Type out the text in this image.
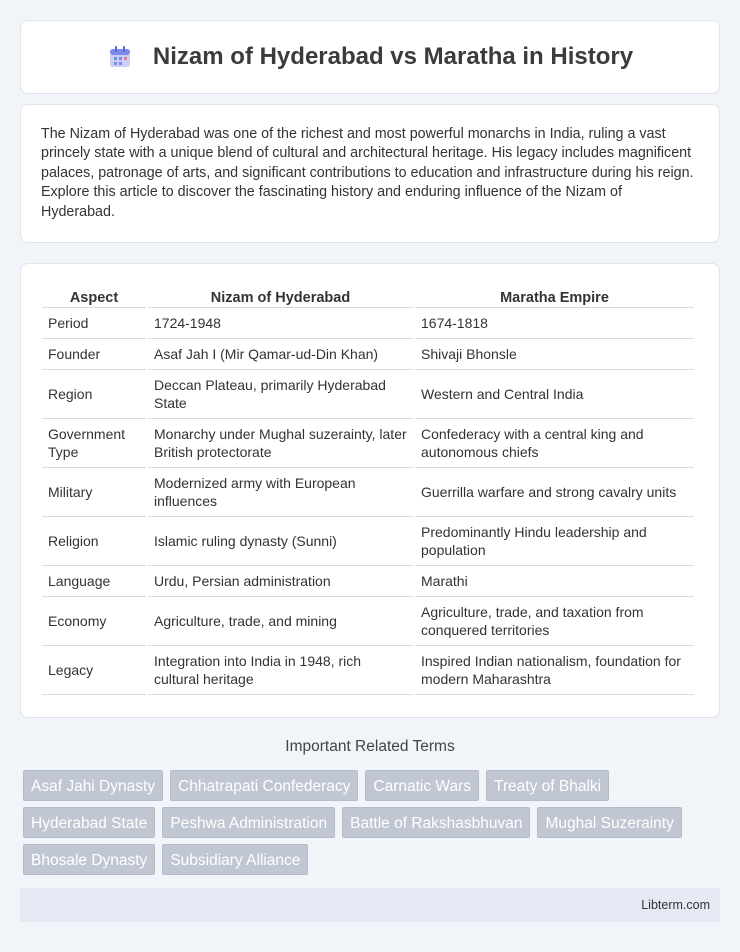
Nizam of Hyderabad vs Maratha in History

The Nizam of Hyderabad was one of the richest and most powerful monarchs in India, ruling a vast princely state with a unique blend of cultural and architectural heritage. His legacy includes magnificent palaces, patronage of arts, and significant contributions to education and infrastructure during his reign. Explore this article to discover the fascinating history and enduring influence of the Nizam of Hyderabad.

Aspect	Nizam of Hyderabad	Maratha Empire
Period	1724-1948	1674-1818
Founder	Asaf Jah I (Mir Qamar-ud-Din Khan)	Shivaji Bhonsle
Region	Deccan Plateau, primarily Hyderabad State	Western and Central India
Government Type	Monarchy under Mughal suzerainty, later British protectorate	Confederacy with a central king and autonomous chiefs
Military	Modernized army with European influences	Guerrilla warfare and strong cavalry units
Religion	Islamic ruling dynasty (Sunni)	Predominantly Hindu leadership and population
Language	Urdu, Persian administration	Marathi
Economy	Agriculture, trade, and mining	Agriculture, trade, and taxation from conquered territories
Legacy	Integration into India in 1948, rich cultural heritage	Inspired Indian nationalism, foundation for modern Maharashtra
Important Related Terms
Asaf Jahi Dynasty	Chhatrapati Confederacy	Carnatic Wars	Treaty of Bhalki
Hyderabad State	Peshwa Administration	Battle of Rakshasbhuvan	Mughal Suzerainty
Bhosale Dynasty	Subsidiary Alliance
Libterm.com
